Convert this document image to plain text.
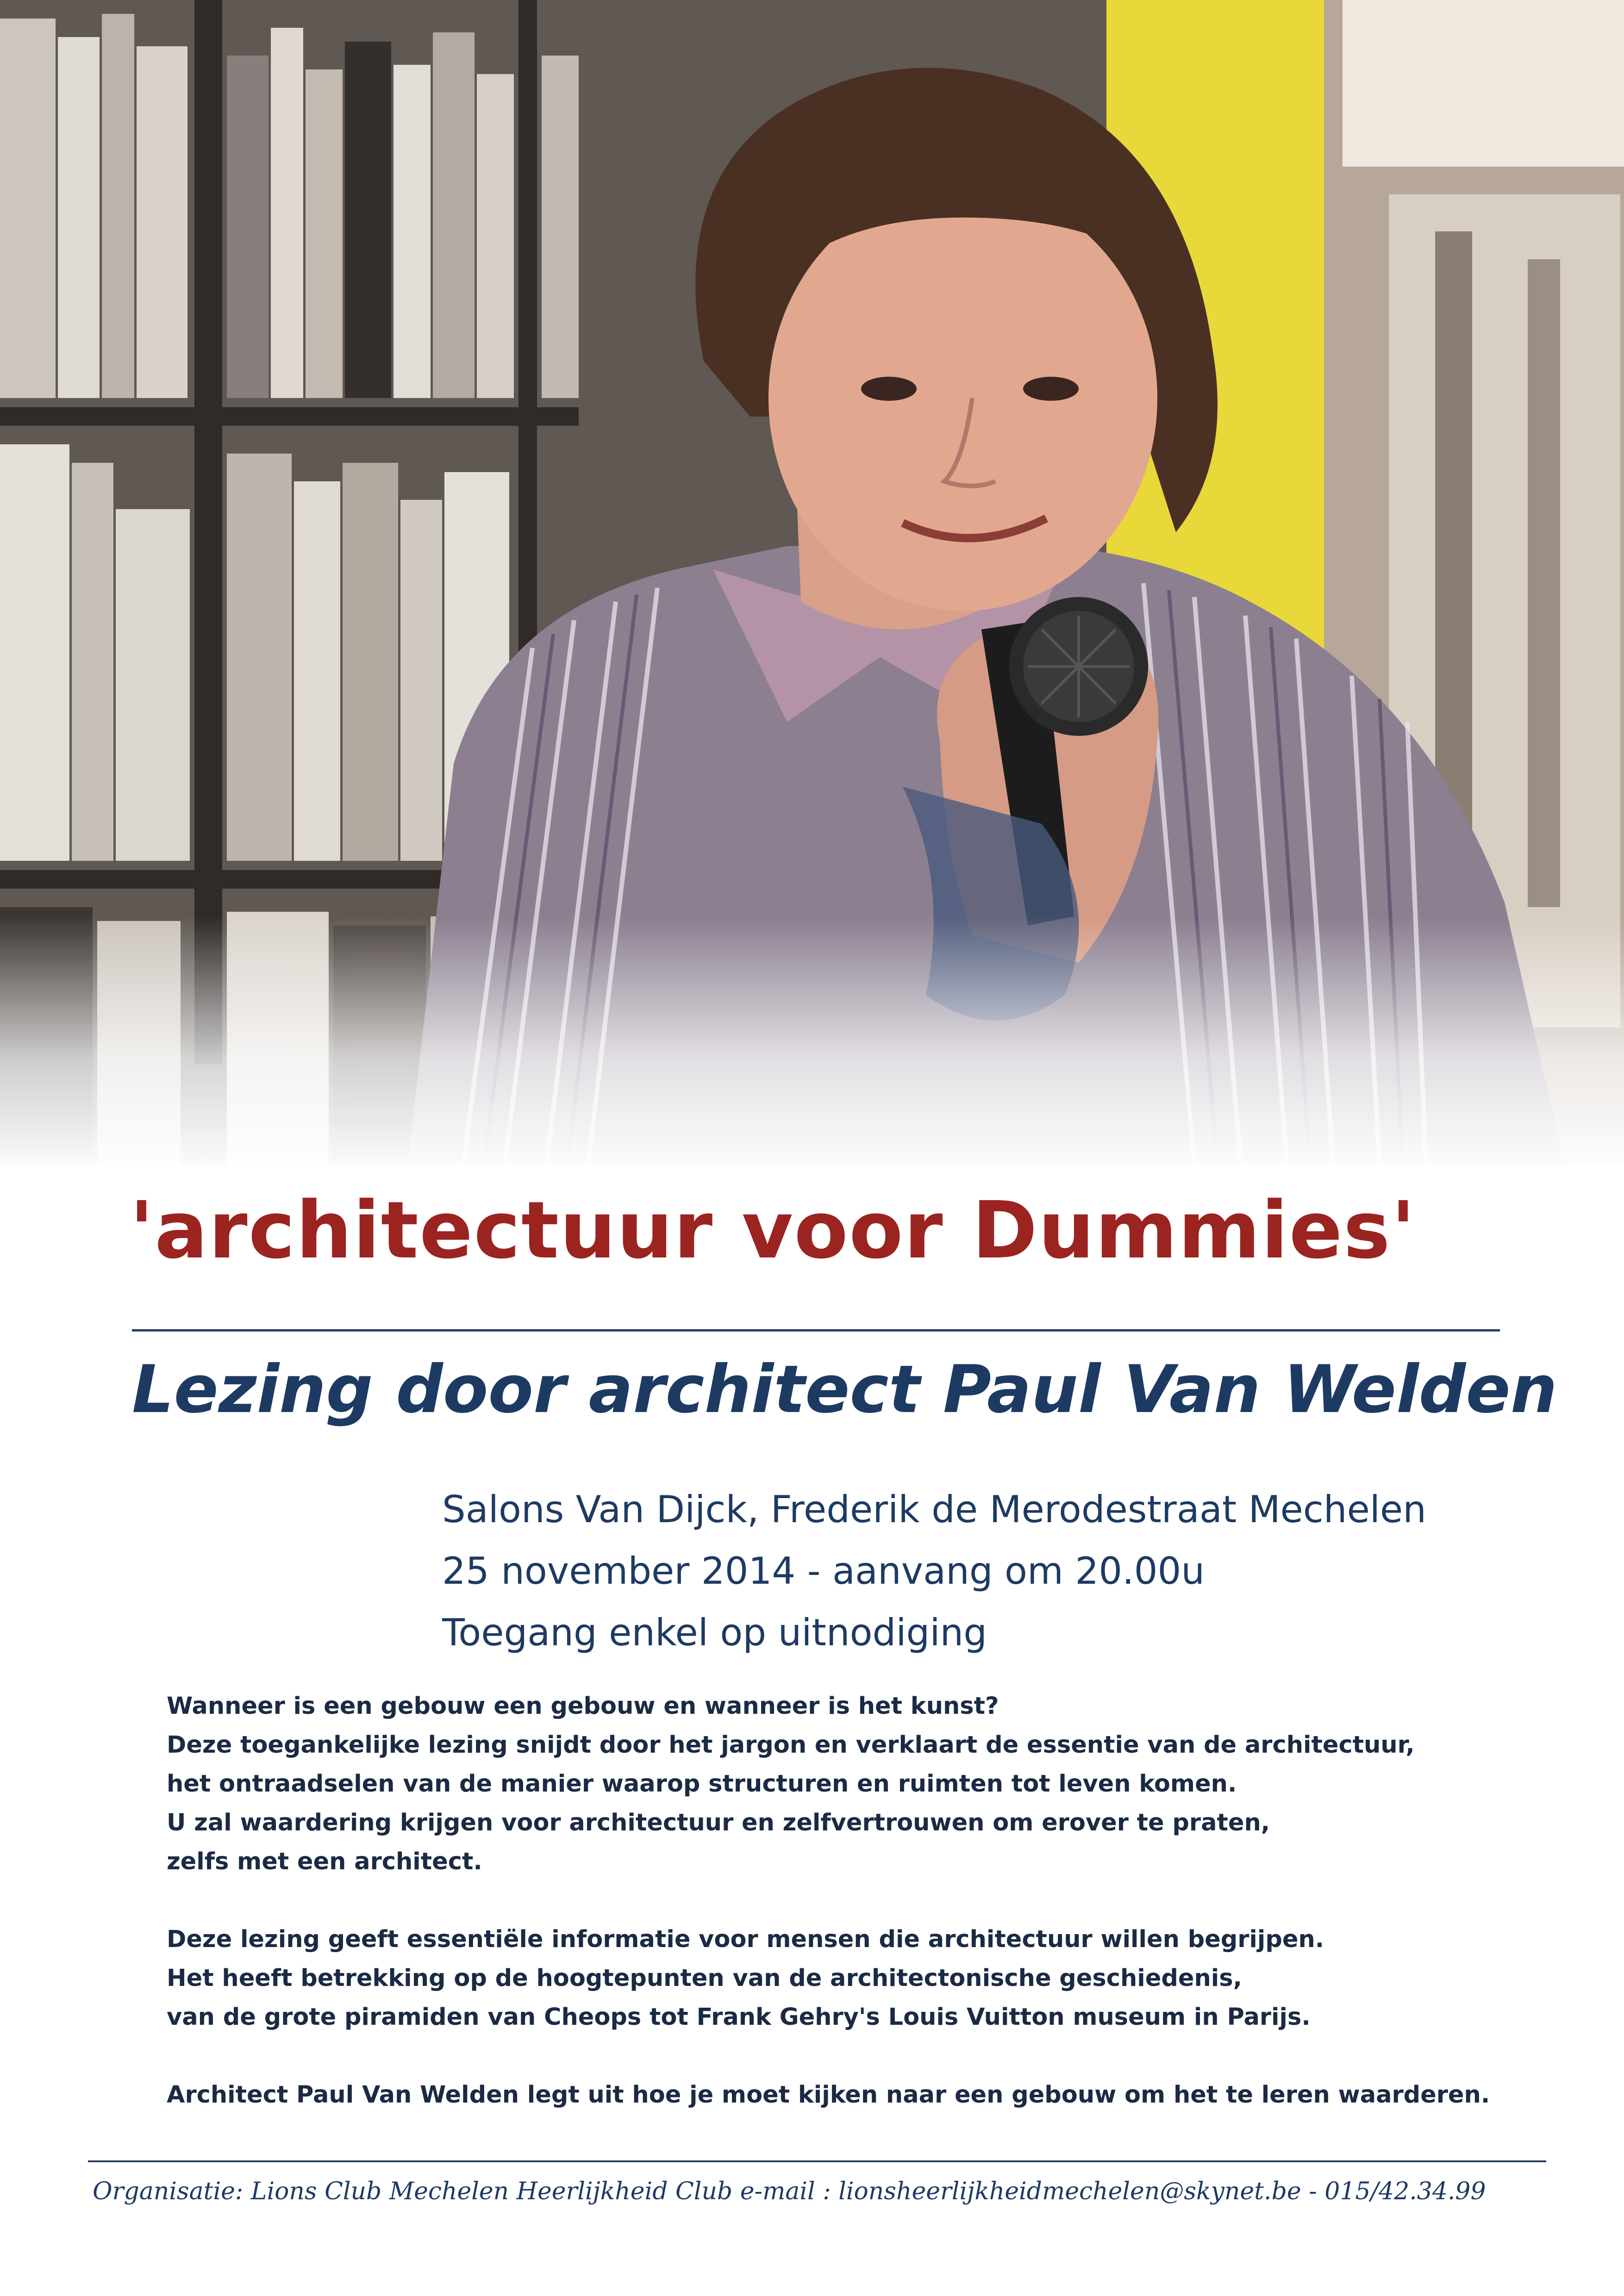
'architectuur voor Dummies'
Lezing door architect Paul Van Welden
Salons Van Dijck, Frederik de Merodestraat Mechelen
25 november 2014 - aanvang om 20.00u
Toegang enkel op uitnodiging

Wanneer is een gebouw een gebouw en wanneer is het kunst?
Deze toegankelijke lezing snijdt door het jargon en verklaart de essentie van de architectuur,
het ontraadselen van de manier waarop structuren en ruimten tot leven komen.
U zal waardering krijgen voor architectuur en zelfvertrouwen om erover te praten,
zelfs met een architect.

Deze lezing geeft essentiële informatie voor mensen die architectuur willen begrijpen.
Het heeft betrekking op de hoogtepunten van de architectonische geschiedenis,
van de grote piramiden van Cheops tot Frank Gehry's Louis Vuitton museum in Parijs.

Architect Paul Van Welden legt uit hoe je moet kijken naar een gebouw om het te leren waarderen.

Organisatie: Lions Club Mechelen Heerlijkheid Club e-mail : lionsheerlijkheidmechelen@skynet.be - 015/42.34.99
